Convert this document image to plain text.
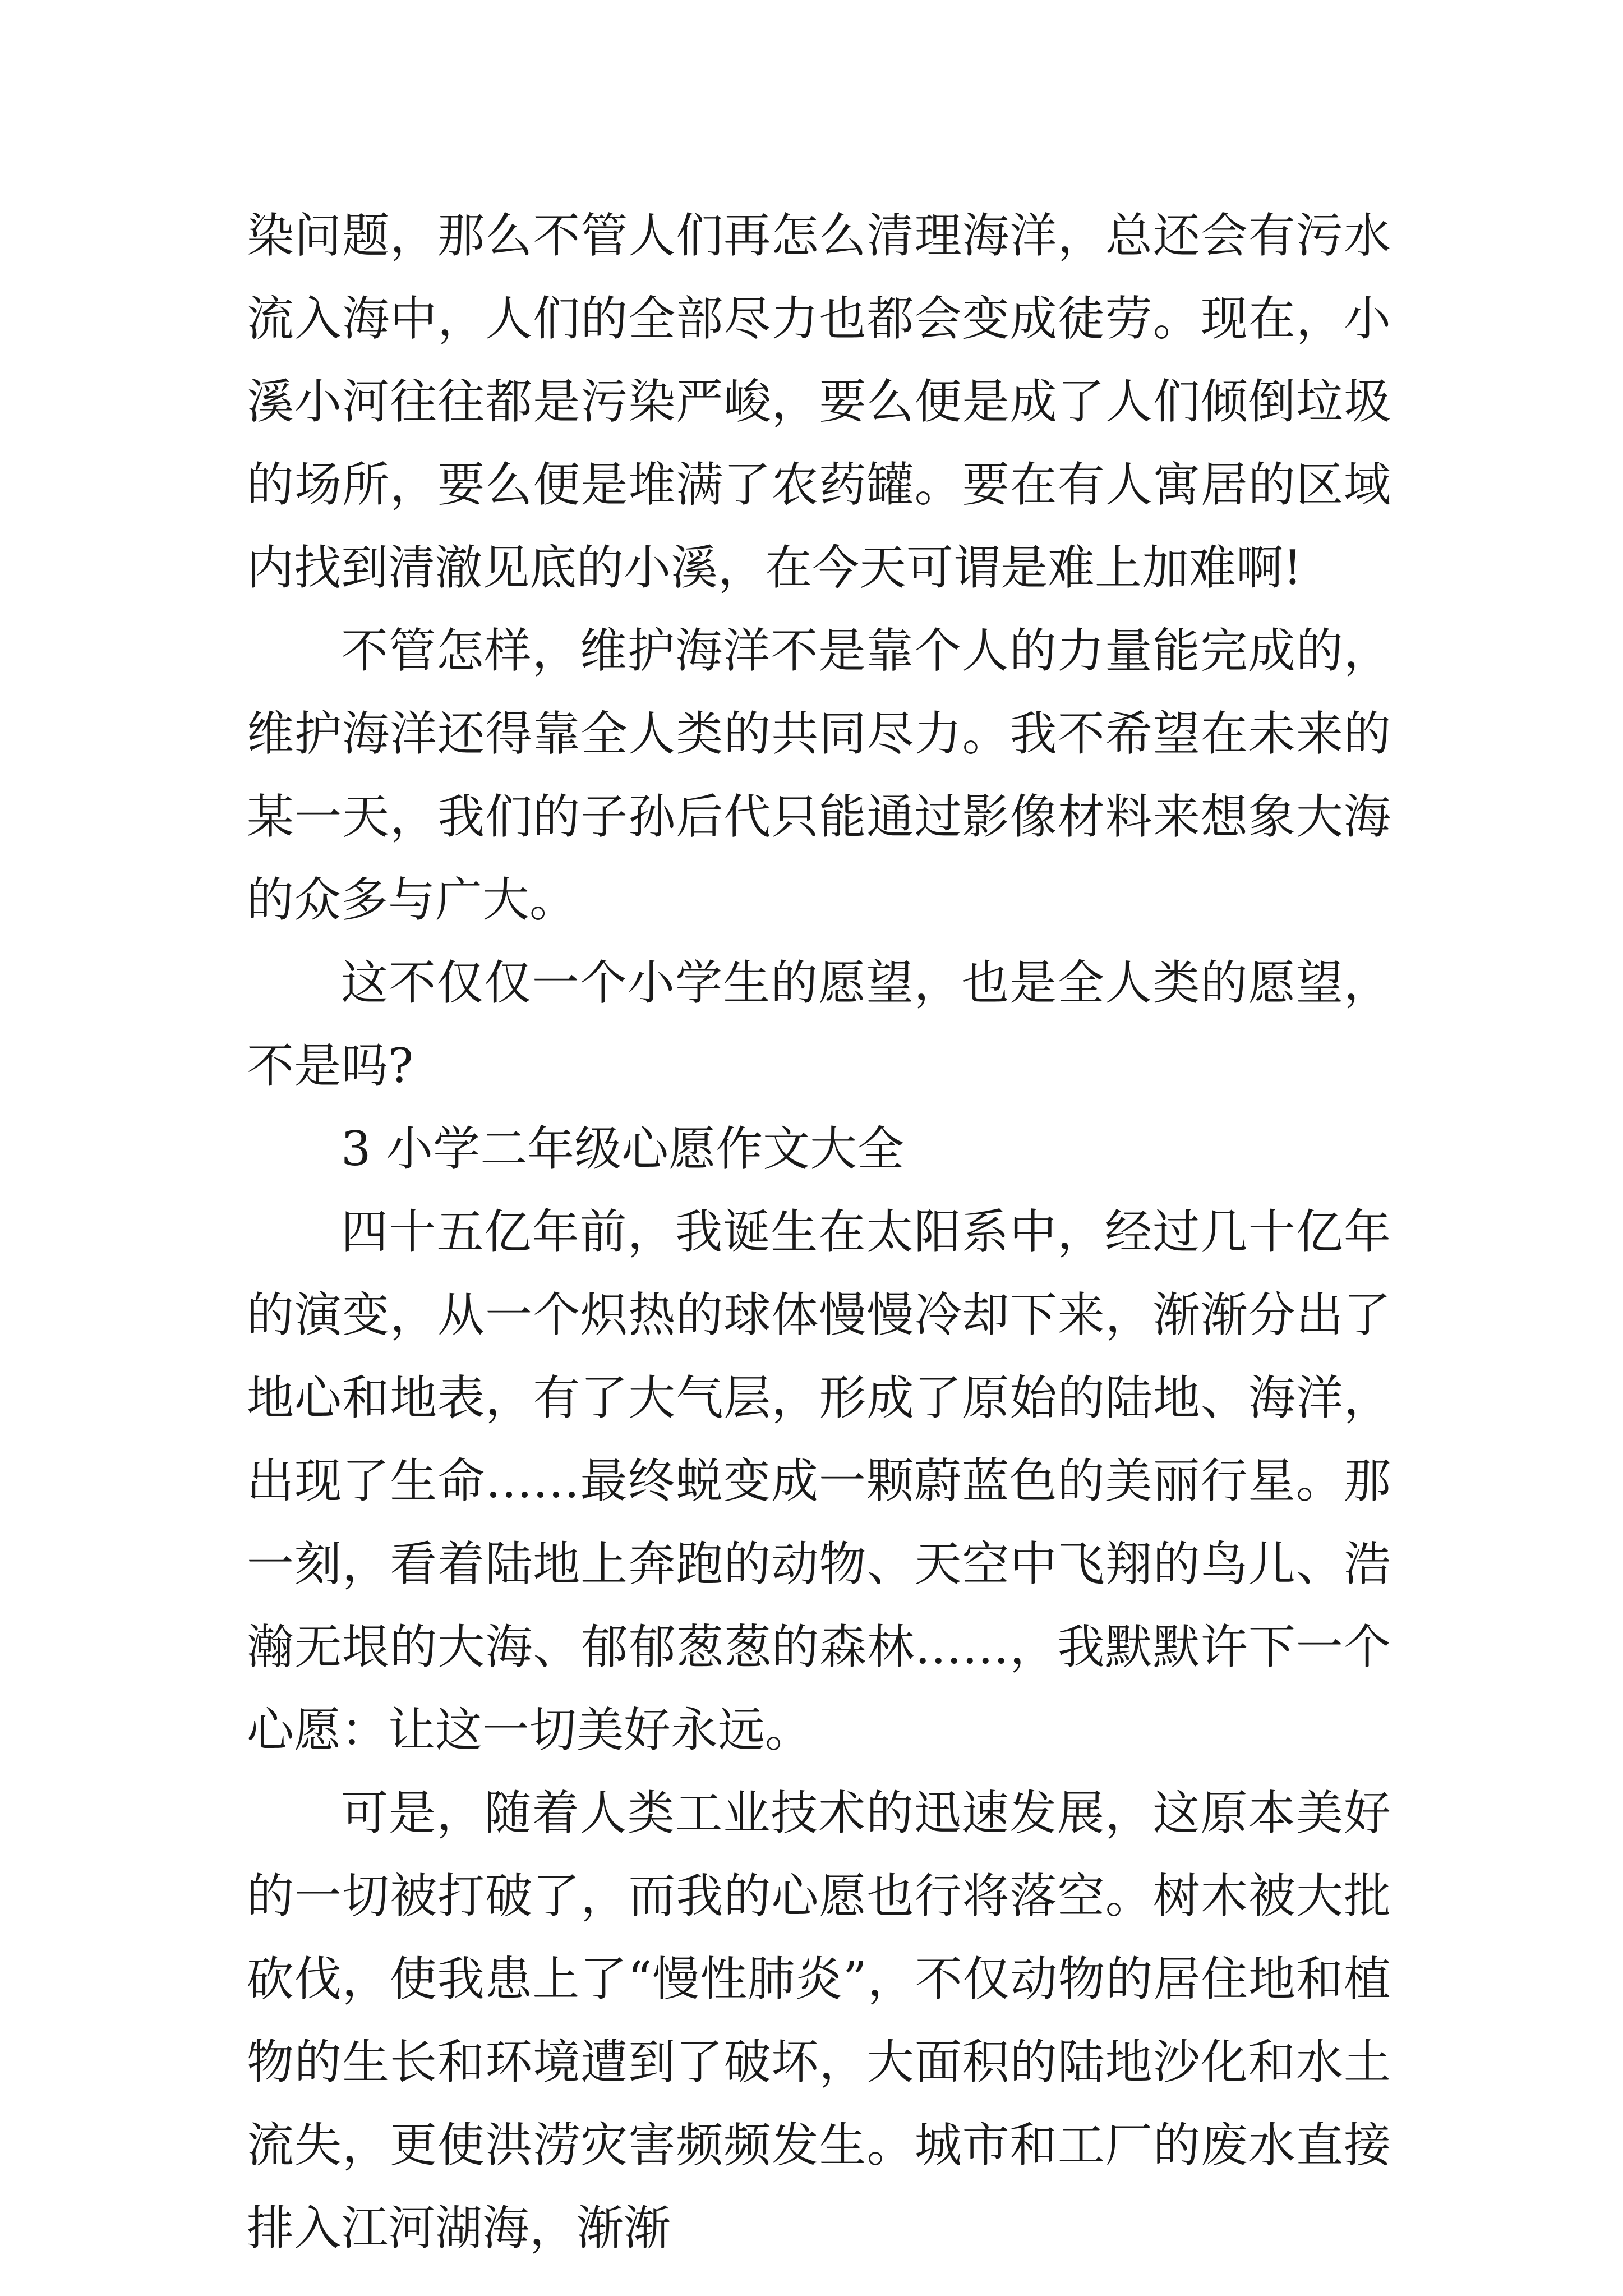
染问题，那么不管人们再怎么清理海洋，总还会有污水流入海中，人们的全部尽力也都会变成徒劳。现在，小溪小河往往都是污染严峻，要么便是成了人们倾倒垃圾的场所，要么便是堆满了农药罐。要在有人寓居的区域内找到清澈见底的小溪，在今天可谓是难上加难啊!

不管怎样，维护海洋不是靠个人的力量能完成的，维护海洋还得靠全人类的共同尽力。我不希望在未来的某一天，我们的子孙后代只能通过影像材料来想象大海的众多与广大。

这不仅仅一个小学生的愿望，也是全人类的愿望，不是吗?

3 小学二年级心愿作文大全

四十五亿年前，我诞生在太阳系中，经过几十亿年的演变，从一个炽热的球体慢慢冷却下来，渐渐分出了地心和地表，有了大气层，形成了原始的陆地、海洋，出现了生命……最终蜕变成一颗蔚蓝色的美丽行星。那一刻，看着陆地上奔跑的动物、天空中飞翔的鸟儿、浩瀚无垠的大海、郁郁葱葱的森林……，我默默许下一个心愿：让这一切美好永远。

可是，随着人类工业技术的迅速发展，这原本美好的一切被打破了，而我的心愿也行将落空。树木被大批砍伐，使我患上了“慢性肺炎”，不仅动物的居住地和植物的生长和环境遭到了破坏，大面积的陆地沙化和水土流失，更使洪涝灾害频频发生。城市和工厂的废水直接排入江河湖海，渐渐
